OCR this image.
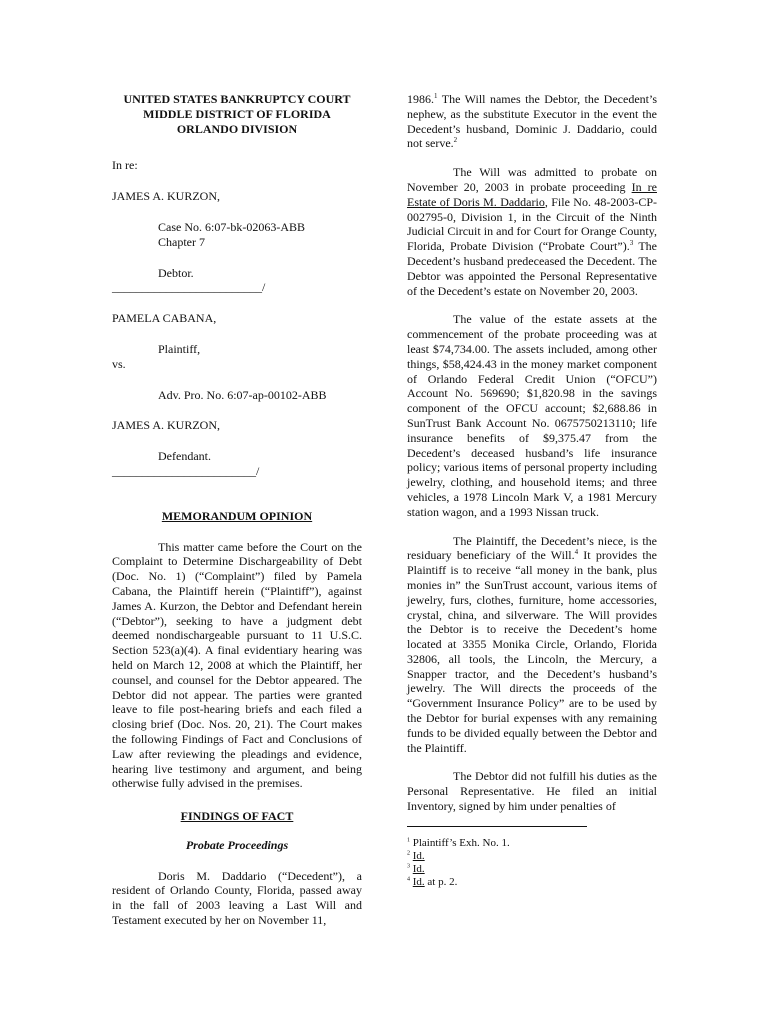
UNITED STATES BANKRUPTCY COURT

MIDDLE DISTRICT OF FLORIDA

ORLANDO DIVISION

In re:

JAMES A. KURZON,

Case No. 6:07-bk-02063-ABB

Chapter 7

Debtor.

_________________________/

PAMELA CABANA,

Plaintiff,

vs.

Adv. Pro. No. 6:07-ap-00102-ABB

JAMES A. KURZON,

Defendant.

________________________/

MEMORANDUM OPINION

This matter came before the Court on the Complaint to Determine Dischargeability of Debt (Doc. No. 1) (“Complaint”) filed by Pamela Cabana, the Plaintiff herein (“Plaintiff”), against James A. Kurzon, the Debtor and Defendant herein (“Debtor”), seeking to have a judgment debt deemed nondischargeable pursuant to 11 U.S.C. Section 523(a)(4). A final evidentiary hearing was held on March 12, 2008 at which the Plaintiff, her counsel, and counsel for the Debtor appeared. The Debtor did not appear. The parties were granted leave to file post-hearing briefs and each filed a closing brief (Doc. Nos. 20, 21). The Court makes the following Findings of Fact and Conclusions of Law after reviewing the pleadings and evidence, hearing live testimony and argument, and being otherwise fully advised in the premises.

FINDINGS OF FACT

Probate Proceedings

Doris M. Daddario (“Decedent”), a resident of Orlando County, Florida, passed away in the fall of 2003 leaving a Last Will and Testament executed by her on November 11,

1986.$^1$ The Will names the Debtor, the Decedent’s nephew, as the substitute Executor in the event the Decedent’s husband, Dominic J. Daddario, could not serve.$^2$

The Will was admitted to probate on November 20, 2003 in probate proceeding In re Estate of Doris M. Daddario, File No. 48-2003-CP-002795-0, Division 1, in the Circuit of the Ninth Judicial Circuit in and for Court for Orange County, Florida, Probate Division (“Probate Court”).$^3$ The Decedent’s husband predeceased the Decedent. The Debtor was appointed the Personal Representative of the Decedent’s estate on November 20, 2003.

The value of the estate assets at the commencement of the probate proceeding was at least $74,734.00. The assets included, among other things, $58,424.43 in the money market component of Orlando Federal Credit Union (“OFCU”) Account No. 569690; $1,820.98 in the savings component of the OFCU account; $2,688.86 in SunTrust Bank Account No. 0675750213110; life insurance benefits of $9,375.47 from the Decedent’s deceased husband’s life insurance policy; various items of personal property including jewelry, clothing, and household items; and three vehicles, a 1978 Lincoln Mark V, a 1981 Mercury station wagon, and a 1993 Nissan truck.

The Plaintiff, the Decedent’s niece, is the residuary beneficiary of the Will.$^4$ It provides the Plaintiff is to receive “all money in the bank, plus monies in” the SunTrust account, various items of jewelry, furs, clothes, furniture, home accessories, crystal, china, and silverware. The Will provides the Debtor is to receive the Decedent’s home located at 3355 Monika Circle, Orlando, Florida 32806, all tools, the Lincoln, the Mercury, a Snapper tractor, and the Decedent’s husband’s jewelry. The Will directs the proceeds of the “Government Insurance Policy” are to be used by the Debtor for burial expenses with any remaining funds to be divided equally between the Debtor and the Plaintiff.

The Debtor did not fulfill his duties as the Personal Representative. He filed an initial Inventory, signed by him under penalties of

$^1$ Plaintiff’s Exh. No. 1.

$^2$ Id.

$^3$ Id.

$^4$ Id. at p. 2.
